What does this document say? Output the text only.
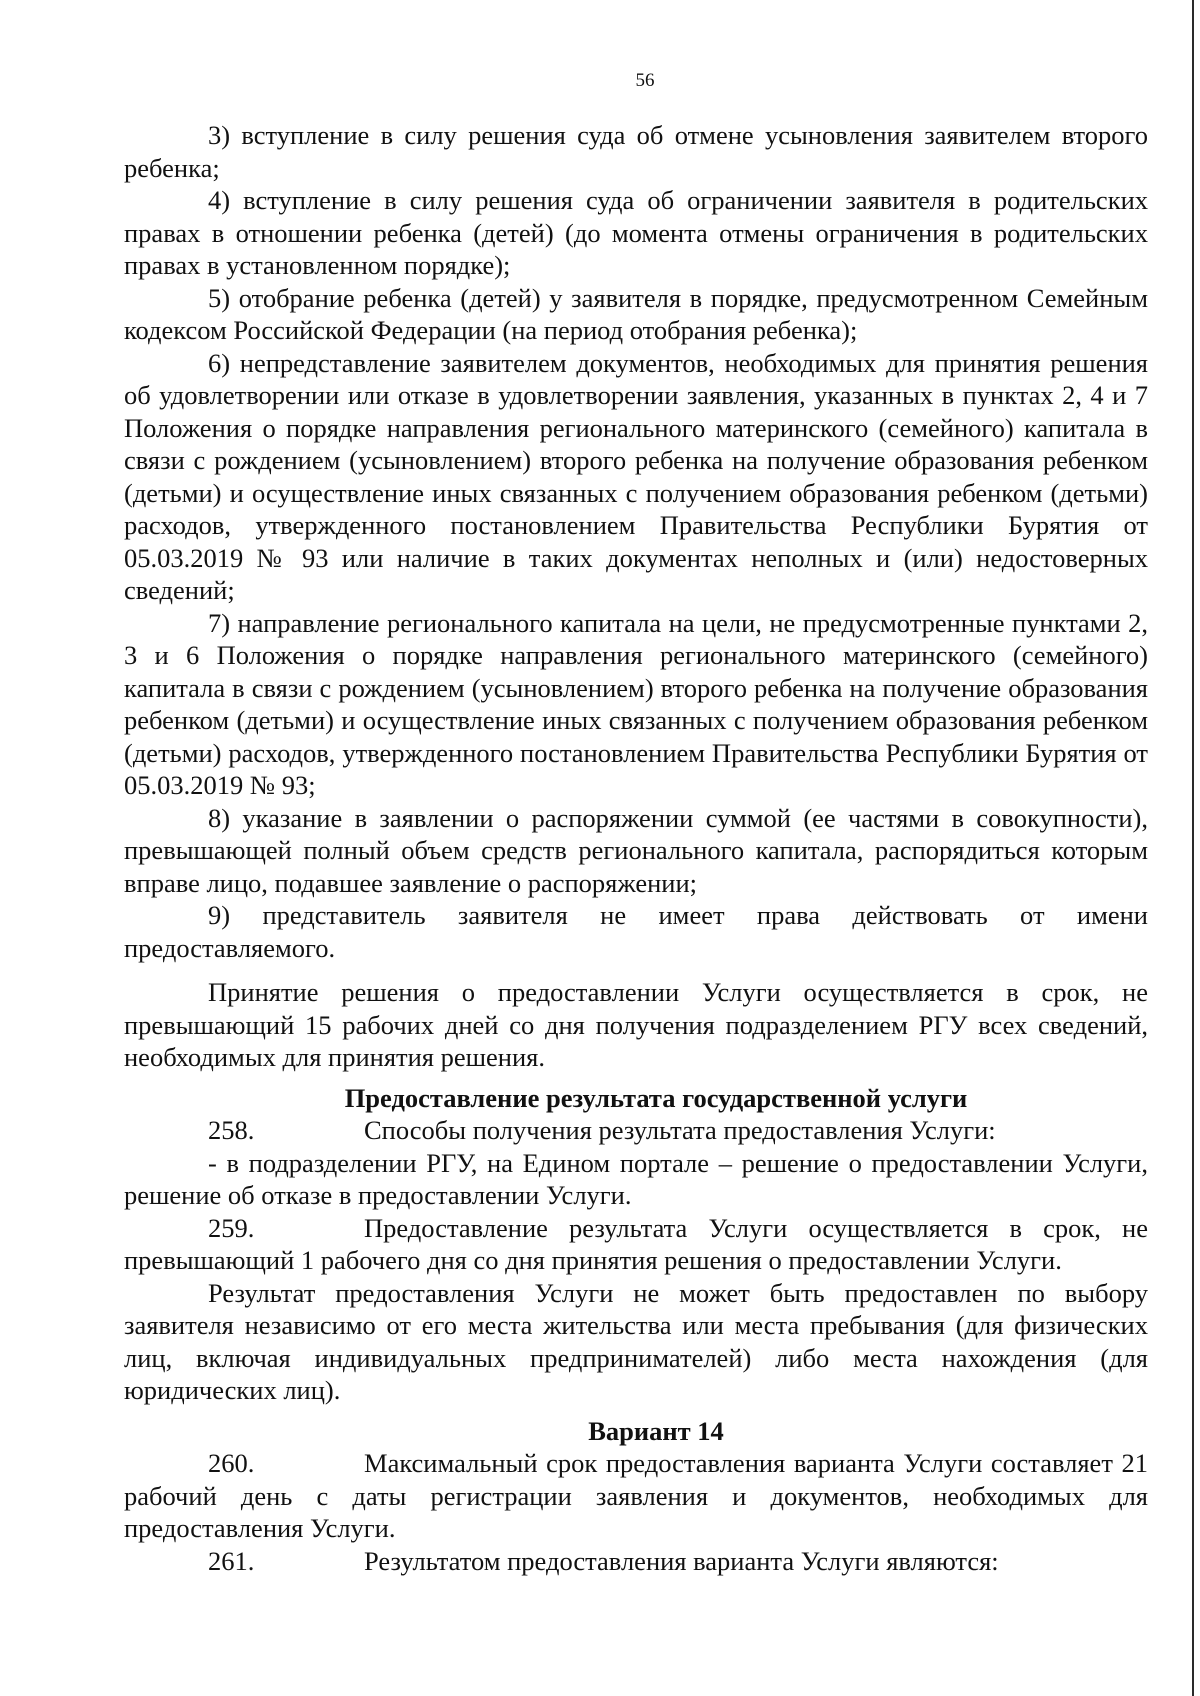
56

3) вступление в силу решения суда об отмене усыновления заявителем второго ребенка;

4) вступление в силу решения суда об ограничении заявителя в родительских правах в отношении ребенка (детей) (до момента отмены ограничения в родительских правах в установленном порядке);

5) отобрание ребенка (детей) у заявителя в порядке, предусмотренном Семейным кодексом Российской Федерации (на период отобрания ребенка);

6) непредставление заявителем документов, необходимых для принятия решения об удовлетворении или отказе в удовлетворении заявления, указанных в пунктах 2, 4 и 7 Положения о порядке направления регионального материнского (семейного) капитала в связи с рождением (усыновлением) второго ребенка на получение образования ребенком (детьми) и осуществление иных связанных с получением образования ребенком (детьми) расходов, утвержденного постановлением Правительства Республики Бурятия от 05.03.2019 № 93 или наличие в таких документах неполных и (или) недостоверных сведений;

7) направление регионального капитала на цели, не предусмотренные пунктами 2, 3 и 6 Положения о порядке направления регионального материнского (семейного) капитала в связи с рождением (усыновлением) второго ребенка на получение образования ребенком (детьми) и осуществление иных связанных с получением образования ребенком (детьми) расходов, утвержденного постановлением Правительства Республики Бурятия от 05.03.2019 № 93;

8) указание в заявлении о распоряжении суммой (ее частями в совокупности), превышающей полный объем средств регионального капитала, распорядиться которым вправе лицо, подавшее заявление о распоряжении;

9) представитель заявителя не имеет права действовать от имени предоставляемого.

Принятие решения о предоставлении Услуги осуществляется в срок, не превышающий 15 рабочих дней со дня получения подразделением РГУ всех сведений, необходимых для принятия решения.

Предоставление результата государственной услуги

258.	Способы получения результата предоставления Услуги:

- в подразделении РГУ, на Едином портале – решение о предоставлении Услуги, решение об отказе в предоставлении Услуги.

259.	Предоставление результата Услуги осуществляется в срок, не превышающий 1 рабочего дня со дня принятия решения о предоставлении Услуги.

Результат предоставления Услуги не может быть предоставлен по выбору заявителя независимо от его места жительства или места пребывания (для физических лиц, включая индивидуальных предпринимателей) либо места нахождения (для юридических лиц).

Вариант 14

260.	Максимальный срок предоставления варианта Услуги составляет 21 рабочий день с даты регистрации заявления и документов, необходимых для предоставления Услуги.

261.	Результатом предоставления варианта Услуги являются:
